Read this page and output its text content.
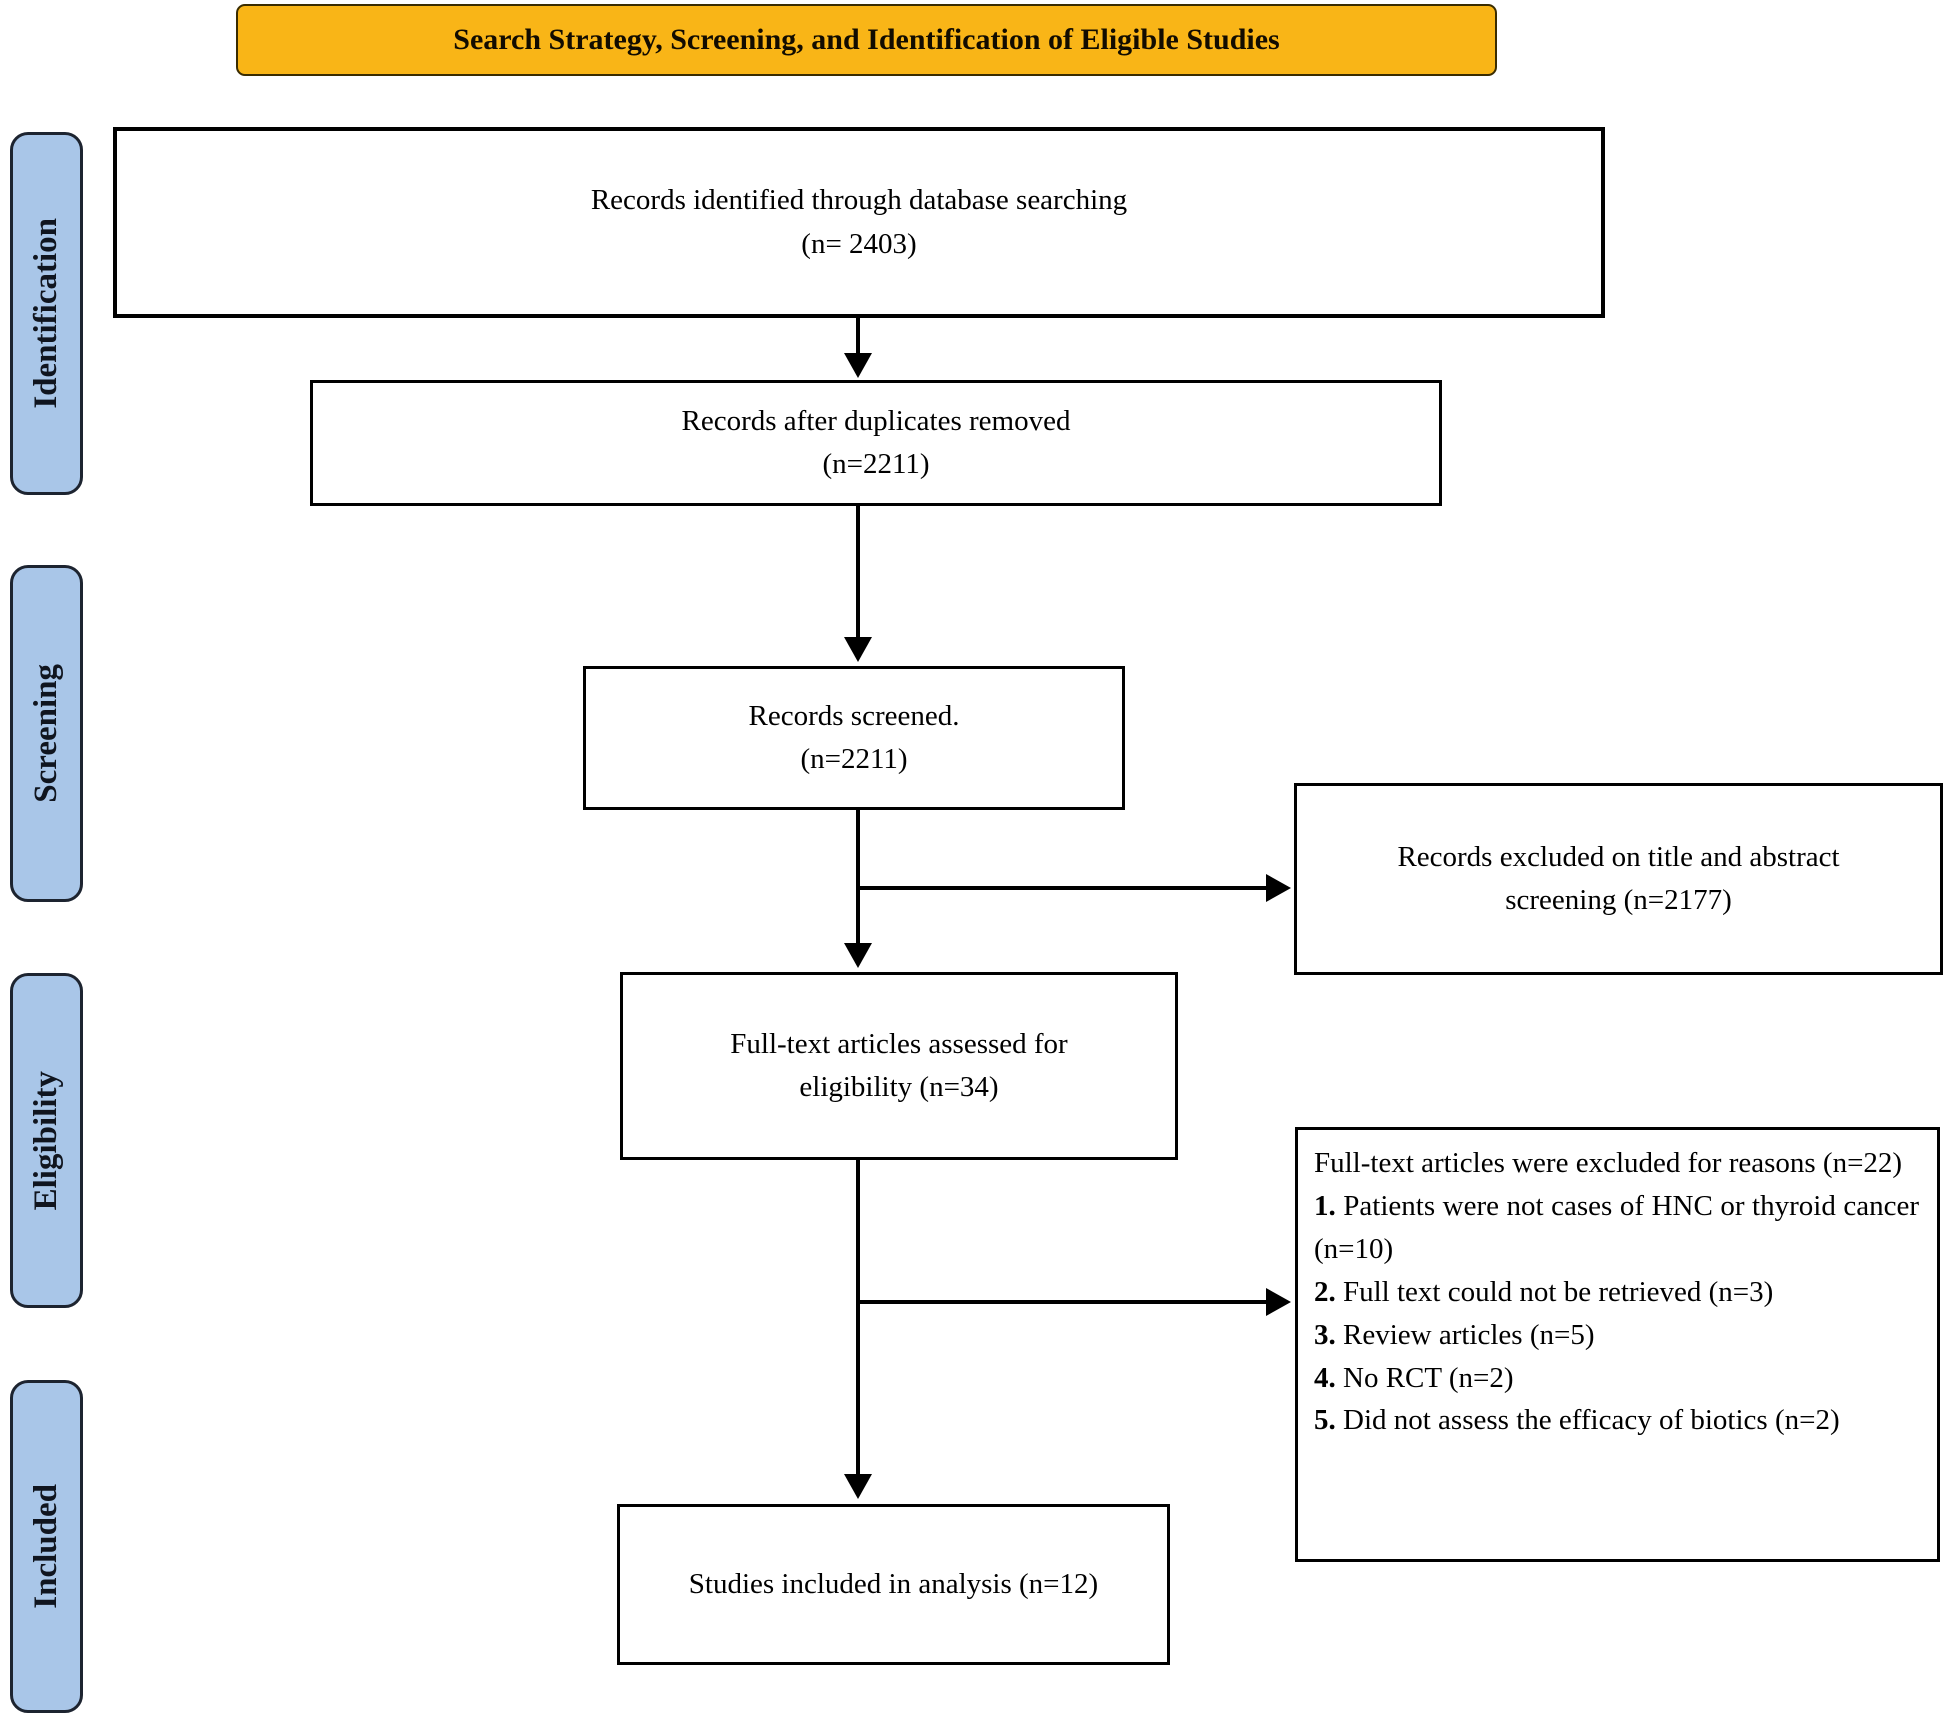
Search Strategy, Screening, and Identification of Eligible Studies
Identification
Screening
Eligibility
Included
Records identified through database searching
(n= 2403)
Records after duplicates removed
(n=2211)
Records screened.
(n=2211)
Records excluded on title and abstract
screening (n=2177)
Full-text articles assessed for
eligibility (n=34)

Full-text articles were excluded for reasons (n=22)

1. Patients were not cases of HNC or thyroid cancer (n=10)

2. Full text could not be retrieved (n=3)

3. Review articles (n=5)

4. No RCT (n=2)

5. Did not assess the efficacy of biotics (n=2)

Studies included in analysis (n=12)
